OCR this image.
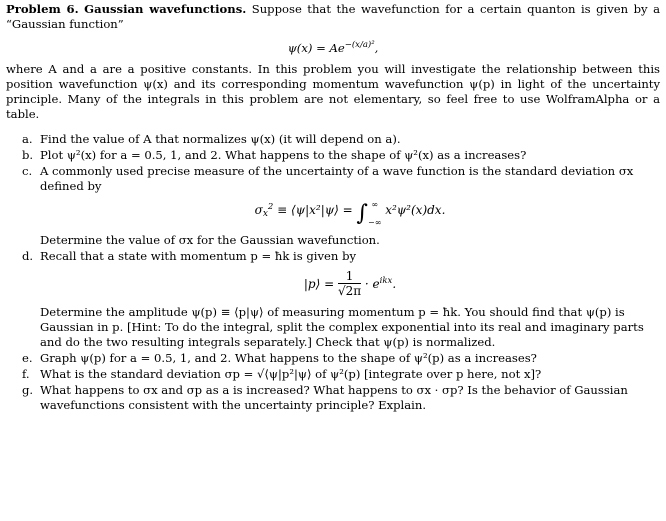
Problem 6. Gaussian wavefunctions. Suppose that the wavefunction for a certain quanton is given by a “Gaussian function”

$\psi(x) = Ae^{-(x/a)^2}$,

where A and a are a positive constants. In this problem you will investigate the relationship between this position wavefunction ψ(x) and its corresponding momentum wavefunction ψ(p) in light of the uncertainty principle. Many of the integrals in this problem are not elementary, so feel free to use WolframAlpha or a table.

a. Find the value of A that normalizes ψ(x) (it will depend on a).
b. Plot ψ²(x) for a = 0.5, 1, and 2. What happens to the shape of ψ²(x) as a increases?
c. A commonly used precise measure of the uncertainty of a wave function is the standard deviation σx defined by
$\sigma_x^2$ ≡ ⟨ψ|x²|ψ⟩ = ∫ ∞

−∞ x²ψ²(x)dx.
Determine the value of σx for the Gaussian wavefunction.
d. Recall that a state with momentum p = ħk is given by
|p⟩ = $\frac{1}{√2\pi} \cdot e^{ikx}$.
Determine the amplitude ψ(p) ≡ ⟨p|ψ⟩ of measuring momentum p = ħk. You should find that ψ(p) is Gaussian in p. [Hint: To do the integral, split the complex exponential into its real and imaginary parts and do the two resulting integrals separately.] Check that ψ(p) is normalized.
e. Graph ψ(p) for a = 0.5, 1, and 2. What happens to the shape of ψ²(p) as a increases?
f. What is the standard deviation σp = √⟨ψ|p²|ψ⟩ of ψ²(p) [integrate over p here, not x]?
g. What happens to σx and σp as a is increased? What happens to σx · σp? Is the behavior of Gaussian wavefunctions consistent with the uncertainty principle? Explain.
